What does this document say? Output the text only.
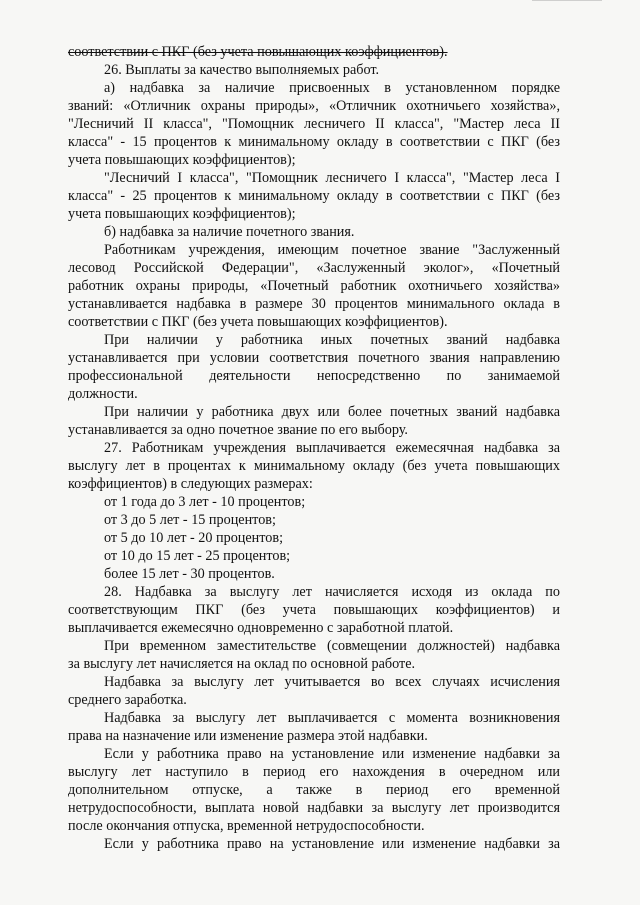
соответствии с ПКГ (без учета повышающих коэффициентов).
26. Выплаты за качество выполняемых работ.
а) надбавка за наличие присвоенных в установленном порядке
званий: «Отличник охраны природы», «Отличник охотничьего хозяйства»,
"Лесничий II класса", "Помощник лесничего II класса", "Мастер леса II
класса" - 15 процентов к минимальному окладу в соответствии с ПКГ (без
учета повышающих коэффициентов);
"Лесничий I класса", "Помощник лесничего I класса", "Мастер леса I
класса" - 25 процентов к минимальному окладу в соответствии с ПКГ (без
учета повышающих коэффициентов);
б) надбавка за наличие почетного звания.
Работникам учреждения, имеющим почетное звание "Заслуженный
лесовод Российской Федерации", «Заслуженный эколог», «Почетный
работник охраны природы, «Почетный работник охотничьего хозяйства»
устанавливается надбавка в размере 30 процентов минимального оклада в
соответствии с ПКГ (без учета повышающих коэффициентов).
При наличии у работника иных почетных званий надбавка
устанавливается при условии соответствия почетного звания направлению
профессиональной деятельности непосредственно по занимаемой
должности.
При наличии у работника двух или более почетных званий надбавка
устанавливается за одно почетное звание по его выбору.
27. Работникам учреждения выплачивается ежемесячная надбавка за
выслугу лет в процентах к минимальному окладу (без учета повышающих
коэффициентов) в следующих размерах:
от 1 года до 3 лет - 10 процентов;
от 3 до 5 лет - 15 процентов;
от 5 до 10 лет - 20 процентов;
от 10 до 15 лет - 25 процентов;
более 15 лет - 30 процентов.
28. Надбавка за выслугу лет начисляется исходя из оклада по
соответствующим ПКГ (без учета повышающих коэффициентов) и
выплачивается ежемесячно одновременно с заработной платой.
При временном заместительстве (совмещении должностей) надбавка
за выслугу лет начисляется на оклад по основной работе.
Надбавка за выслугу лет учитывается во всех случаях исчисления
среднего заработка.
Надбавка за выслугу лет выплачивается с момента возникновения
права на назначение или изменение размера этой надбавки.
Если у работника право на установление или изменение надбавки за
выслугу лет наступило в период его нахождения в очередном или
дополнительном отпуске, а также в период его временной
нетрудоспособности, выплата новой надбавки за выслугу лет производится
после окончания отпуска, временной нетрудоспособности.
Если у работника право на установление или изменение надбавки за
